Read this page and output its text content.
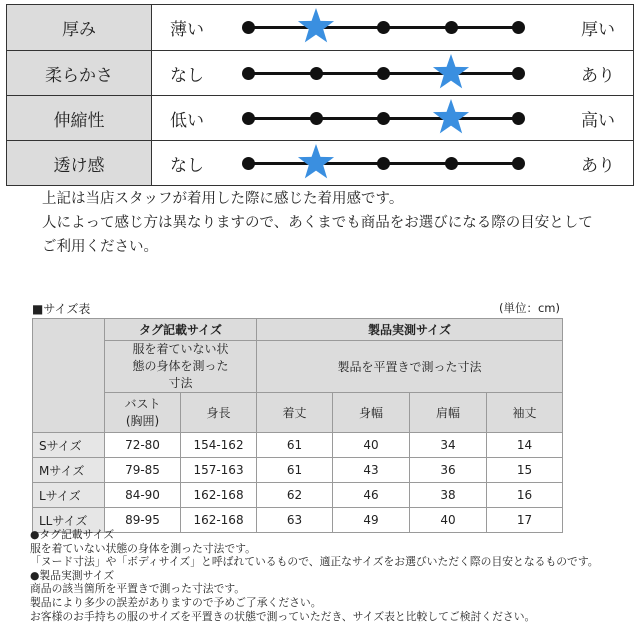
厚み	薄い	厚い
柔らかさ	なし	あり
伸縮性	低い	高い
透け感	なし	あり
上記は当店スタッフが着用した際に感じた着用感です。
人によって感じ方は異なりますので、あくまでも商品をお選びになる際の目安として
ご利用ください。
■サイズ表	(単位：cm)
	タグ記載サイズ		製品実測サイズ			
	服を着ていない状態の身体を測った寸法		製品を平置きで測った寸法			
	バスト(胸囲)	身長	着丈	身幅	肩幅	袖丈
Sサイズ	72-80	154-162	61	40	34	14
Mサイズ	79-85	157-163	61	43	36	15
Lサイズ	84-90	162-168	62	46	38	16
LLサイズ	89-95	162-168	63	49	40	17
●タグ記載サイズ
服を着ていない状態の身体を測った寸法です。
「ヌード寸法」や「ボディサイズ」と呼ばれているもので、適正なサイズをお選びいただく際の目安となるものです。
●製品実測サイズ
商品の該当箇所を平置きで測った寸法です。
製品により多少の誤差がありますので予めご了承ください。
お客様のお手持ちの服のサイズを平置きの状態で測っていただき、サイズ表と比較してご検討ください。
